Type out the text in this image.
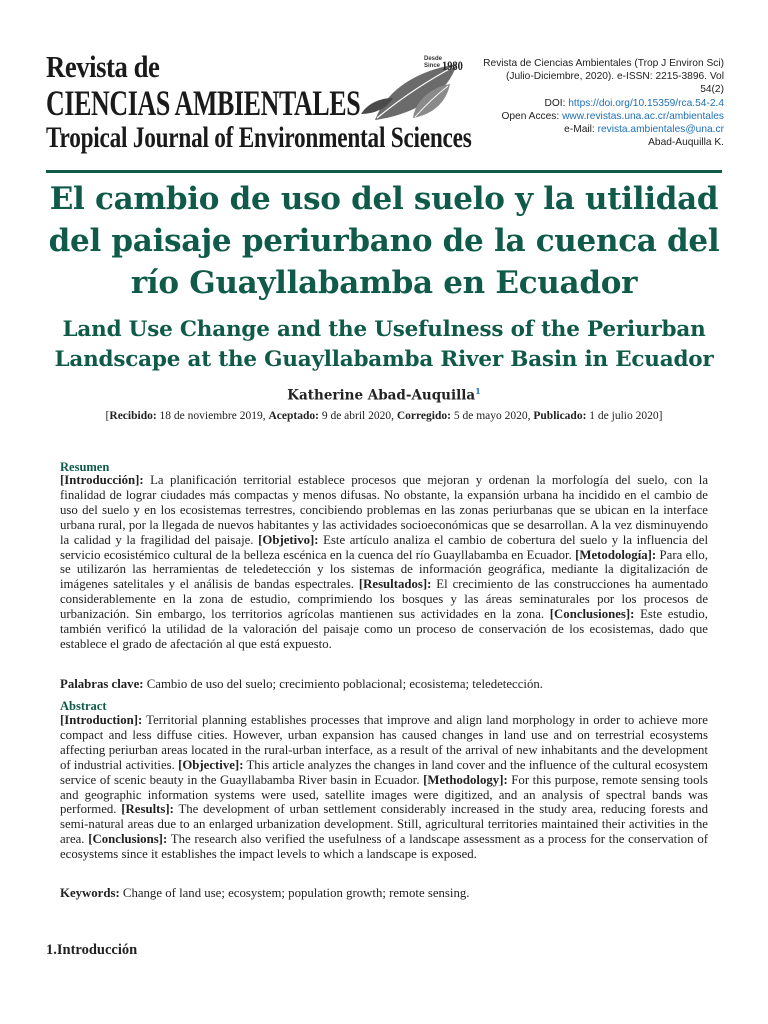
Revista de
CIENCIAS AMBIENTALES
Tropical Journal of Environmental Sciences
Desde
Since 1980	Revista de Ciencias Ambientales (Trop J Environ Sci)
(Julio-Diciembre, 2020). e-ISSN: 2215-3896. Vol
54(2)
DOI: https://doi.org/10.15359/rca.54-2.4
Open Acces: www.revistas.una.ac.cr/ambientales
e-Mail: revista.ambientales@una.cr
Abad-Auquilla K.
El cambio de uso del suelo y la utilidad del paisaje periurbano de la cuenca del río Guayllabamba en Ecuador
Land Use Change and the Usefulness of the Periurban Landscape at the Guayllabamba River Basin in Ecuador
Katherine Abad-Auquilla$^1$
[Recibido: 18 de noviembre 2019, Aceptado: 9 de abril 2020, Corregido: 5 de mayo 2020, Publicado: 1 de julio 2020]
Resumen
[Introducción]: La planificación territorial establece procesos que mejoran y ordenan la morfología del suelo, con la finalidad de lograr ciudades más compactas y menos difusas. No obstante, la expansión urbana ha incidido en el cambio de uso del suelo y en los ecosistemas terrestres, concibiendo problemas en las zonas periurbanas que se ubican en la interface urbana rural, por la llegada de nuevos habitantes y las actividades socioeconómicas que se desarrollan. A la vez disminuyendo la calidad y la fragilidad del paisaje. [Objetivo]: Este artículo analiza el cambio de cobertura del suelo y la influencia del servicio ecosistémico cultural de la belleza escénica en la cuenca del río Guayllabamba en Ecuador. [Metodología]: Para ello, se utilizarón las herramientas de teledetección y los sistemas de información geográfica, mediante la digitalización de imágenes satelitales y el análisis de bandas espectrales. [Resultados]: El crecimiento de las construcciones ha aumentado considerablemente en la zona de estudio, comprimiendo los bosques y las áreas seminaturales por los procesos de urbanización. Sin embargo, los territorios agrícolas mantienen sus actividades en la zona. [Conclusiones]: Este estudio, también verificó la utilidad de la valoración del paisaje como un proceso de conservación de los ecosistemas, dado que establece el grado de afectación al que está expuesto.
Palabras clave: Cambio de uso del suelo; crecimiento poblacional; ecosistema; teledetección.
Abstract
[Introduction]: Territorial planning establishes processes that improve and align land morphology in order to achieve more compact and less diffuse cities. However, urban expansion has caused changes in land use and on terrestrial ecosystems affecting periurban areas located in the rural-urban interface, as a result of the arrival of new inhabitants and the development of industrial activities. [Objective]: This article analyzes the changes in land cover and the influence of the cultural ecosystem service of scenic beauty in the Guayllabamba River basin in Ecuador. [Methodology]: For this purpose, remote sensing tools and geographic information systems were used, satellite images were digitized, and an analysis of spectral bands was performed. [Results]: The development of urban settlement considerably increased in the study area, reducing forests and semi-natural areas due to an enlarged urbanization development. Still, agricultural territories maintained their activities in the area. [Conclusions]: The research also verified the usefulness of a landscape assessment as a process for the conservation of ecosystems since it establishes the impact levels to which a landscape is exposed.
Keywords: Change of land use; ecosystem; population growth; remote sensing.
1.Introducción
